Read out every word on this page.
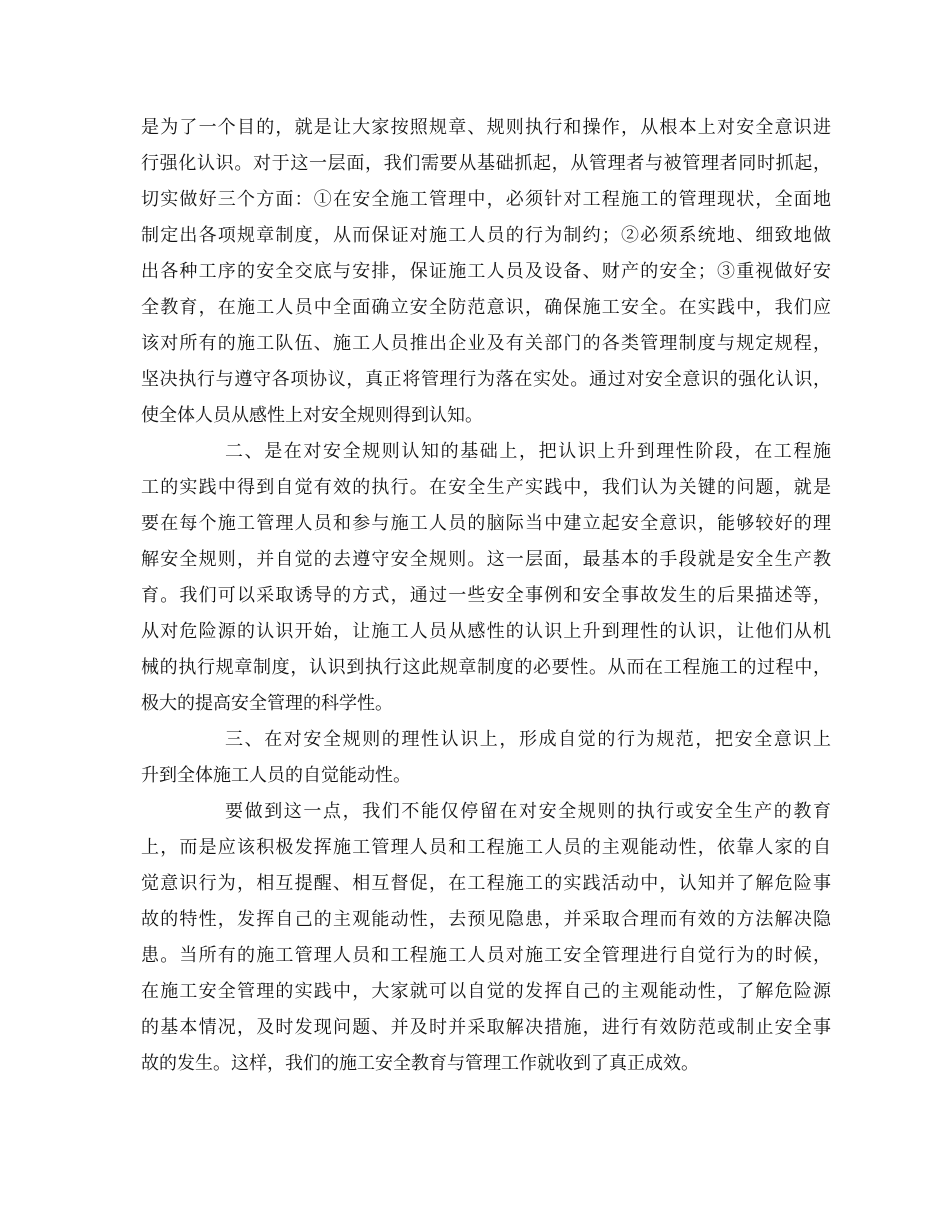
是为了一个目的，就是让大家按照规章、规则执行和操作，从根本上对安全意识进
行强化认识。对于这一层面，我们需要从基础抓起，从管理者与被管理者同时抓起，
切实做好三个方面：①在安全施工管理中，必须针对工程施工的管理现状，全面地
制定出各项规章制度，从而保证对施工人员的行为制约；②必须系统地、细致地做
出各种工序的安全交底与安排，保证施工人员及设备、财产的安全；③重视做好安
全教育，在施工人员中全面确立安全防范意识，确保施工安全。在实践中，我们应
该对所有的施工队伍、施工人员推出企业及有关部门的各类管理制度与规定规程，
坚决执行与遵守各项协议，真正将管理行为落在实处。通过对安全意识的强化认识，
使全体人员从感性上对安全规则得到认知。

二、是在对安全规则认知的基础上，把认识上升到理性阶段，在工程施
工的实践中得到自觉有效的执行。在安全生产实践中，我们认为关键的问题，就是
要在每个施工管理人员和参与施工人员的脑际当中建立起安全意识，能够较好的理
解安全规则，并自觉的去遵守安全规则。这一层面，最基本的手段就是安全生产教
育。我们可以采取诱导的方式，通过一些安全事例和安全事故发生的后果描述等，
从对危险源的认识开始，让施工人员从感性的认识上升到理性的认识，让他们从机
械的执行规章制度，认识到执行这此规章制度的必要性。从而在工程施工的过程中，
极大的提高安全管理的科学性。

三、在对安全规则的理性认识上，形成自觉的行为规范，把安全意识上
升到全体施工人员的自觉能动性。

要做到这一点，我们不能仅停留在对安全规则的执行或安全生产的教育
上，而是应该积极发挥施工管理人员和工程施工人员的主观能动性，依靠人家的自
觉意识行为，相互提醒、相互督促，在工程施工的实践活动中，认知并了解危险事
故的特性，发挥自己的主观能动性，去预见隐患，并采取合理而有效的方法解决隐
患。当所有的施工管理人员和工程施工人员对施工安全管理进行自觉行为的时候，
在施工安全管理的实践中，大家就可以自觉的发挥自己的主观能动性，了解危险源
的基本情况，及时发现问题、并及时并采取解决措施，进行有效防范或制止安全事
故的发生。这样，我们的施工安全教育与管理工作就收到了真正成效。
